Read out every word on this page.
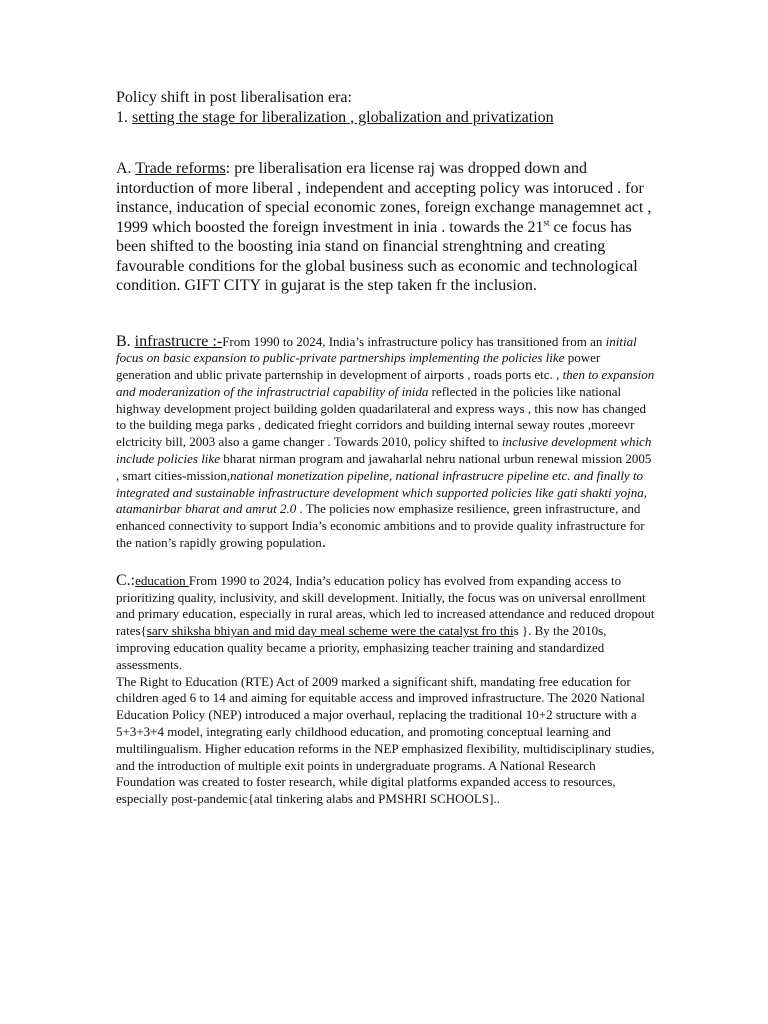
Policy shift in post liberalisation era:

1. setting the stage for liberalization , globalization and privatization

A. Trade reforms: pre liberalisation era license raj was dropped down and intorduction of more liberal , independent and accepting policy was intoruced . for instance, inducation of special economic zones, foreign exchange managemnet act , 1999 which boosted the foreign investment in inia . towards the 21st ce focus has been shifted to the boosting inia stand on financial strenghtning and creating favourable conditions for the global business such as economic and technological condition. GIFT CITY in gujarat is the step taken fr the inclusion.

B. infrastrucre :-From 1990 to 2024, India’s infrastructure policy has transitioned from an initial focus on basic expansion to public-private partnerships implementing the policies like power generation and ublic private parternship in development of airports , roads ports etc. , then to expansion and moderanization of the infrastructrial capability of inida reflected in the policies like national highway development project building golden quadarilateral and express ways , this now has changed to the building mega parks , dedicated frieght corridors and building internal seway routes ,moreevr elctricity bill, 2003 also a game changer . Towards 2010, policy shifted to inclusive development which include policies like bharat nirman program and jawaharlal nehru national urbun renewal mission 2005 , smart cities-mission,national monetization pipeline, national infrastrucre pipeline etc. and finally to integrated and sustainable infrastructure development which supported policies like gati shakti yojna, atamanirbar bharat and amrut 2.0 . The policies now emphasize resilience, green infrastructure, and enhanced connectivity to support India’s economic ambitions and to provide quality infrastructure for the nation’s rapidly growing population.

C.:education From 1990 to 2024, India’s education policy has evolved from expanding access to prioritizing quality, inclusivity, and skill development. Initially, the focus was on universal enrollment and primary education, especially in rural areas, which led to increased attendance and reduced dropout rates{sarv shiksha bhiyan and mid day meal scheme were the catalyst fro this }. By the 2010s, improving education quality became a priority, emphasizing teacher training and standardized assessments.

The Right to Education (RTE) Act of 2009 marked a significant shift, mandating free education for children aged 6 to 14 and aiming for equitable access and improved infrastructure. The 2020 National Education Policy (NEP) introduced a major overhaul, replacing the traditional 10+2 structure with a 5+3+3+4 model, integrating early childhood education, and promoting conceptual learning and multilingualism. Higher education reforms in the NEP emphasized flexibility, multidisciplinary studies, and the introduction of multiple exit points in undergraduate programs. A National Research Foundation was created to foster research, while digital platforms expanded access to resources, especially post-pandemic{atal tinkering alabs and PMSHRI SCHOOLS]..
